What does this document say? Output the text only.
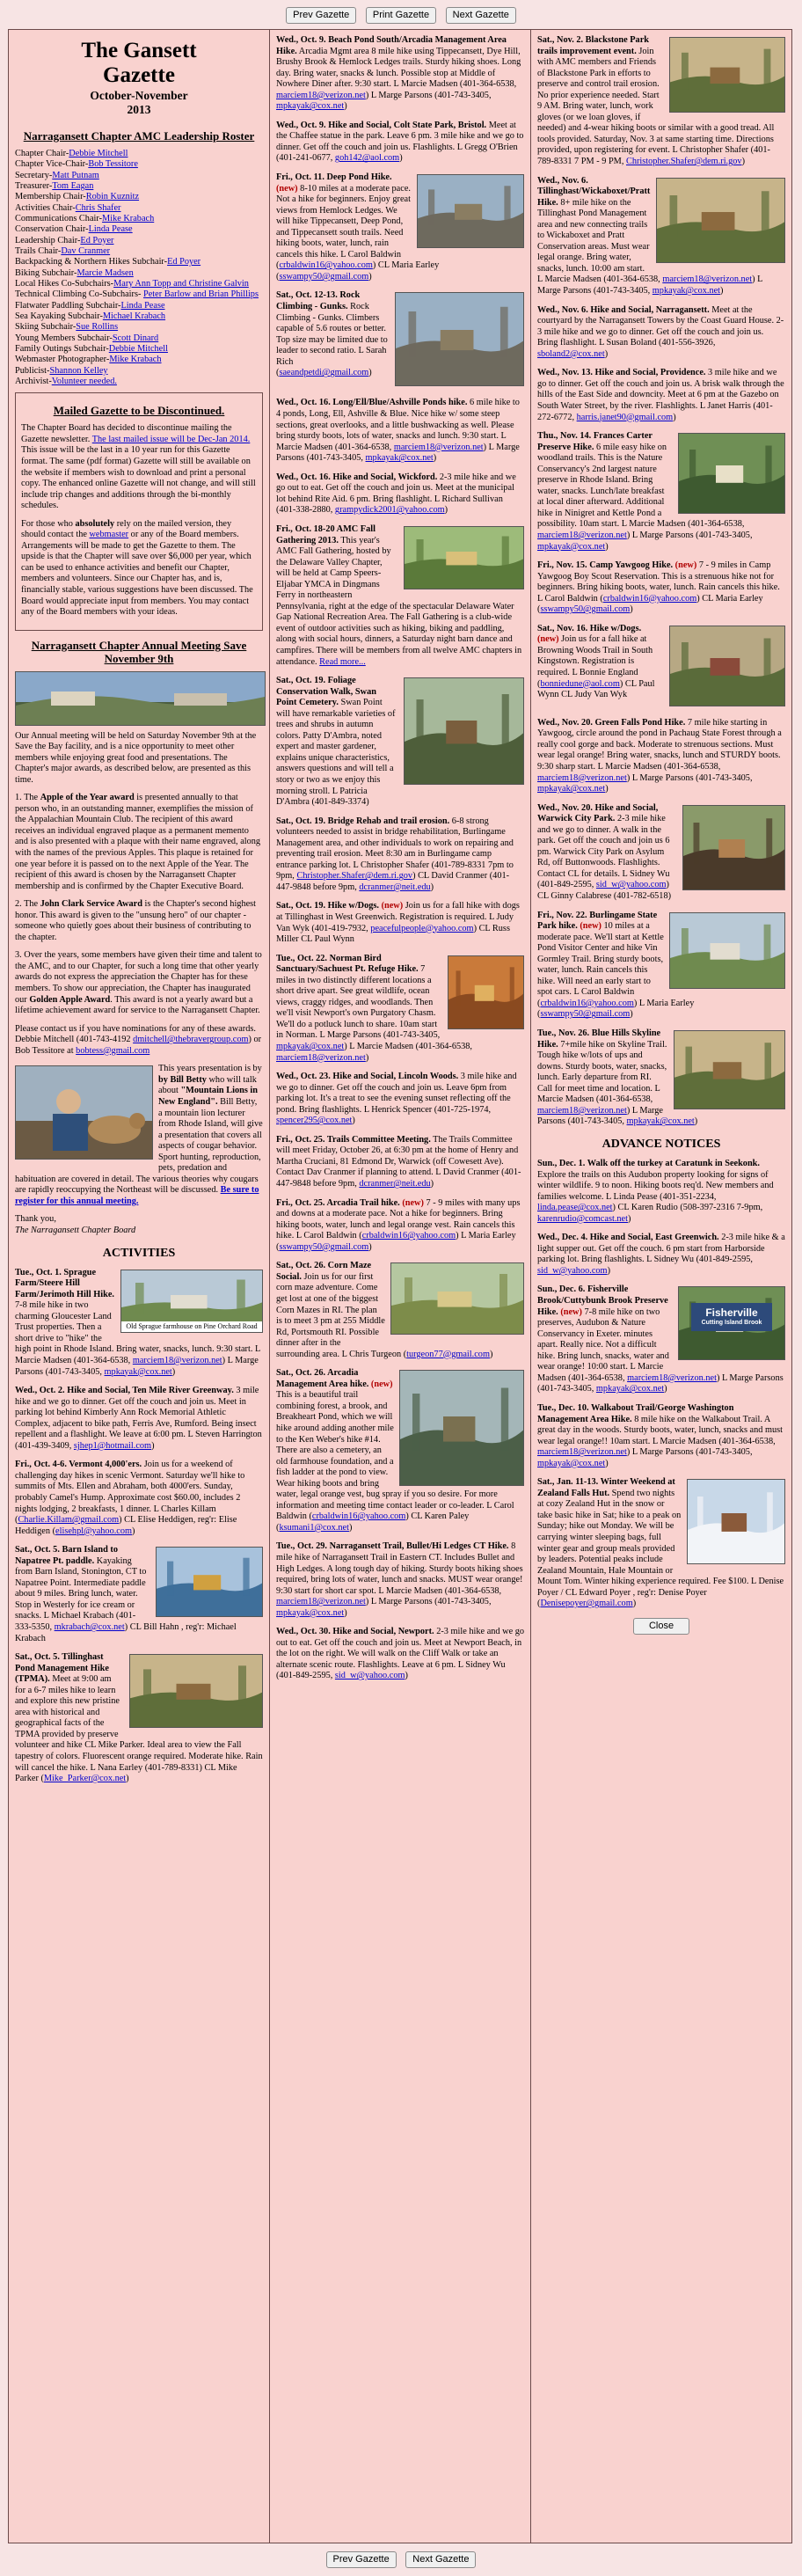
Prev Gazette Print Gazette Next Gazette
The Gansett
Gazette
October-November
2013
Narragansett Chapter AMC Leadership Roster
Chapter Chair-Debbie Mitchell
Chapter Vice-Chair-Bob Tessitore
Secretary-Matt Putnam
Treasurer-Tom Eagan
Membership Chair-Robin Kuznitz
Activities Chair-Chris Shafer
Communications Chair-Mike Krabach
Conservation Chair-Linda Pease
Leadership Chair-Ed Poyer
Trails Chair-Dav Cranmer
Backpacking & Northern Hikes Subchair-Ed Poyer
Biking Subchair-Marcie Madsen
Local Hikes Co-Subchairs-Mary Ann Topp and Christine Galvin
Technical Climbing Co-Subchairs- Peter Barlow and Brian Phillips
Flatwater Paddling Subchair-Linda Pease
Sea Kayaking Subchair-Michael Krabach
Skiing Subchair-Sue Rollins
Young Members Subchair-Scott Dinard
Family Outings Subchair-Debbie Mitchell
Webmaster Photographer-Mike Krabach
Publicist-Shannon Kelley
Archivist-Volunteer needed.
Mailed Gazette to be Discontinued.

The Chapter Board has decided to discontinue mailing the Gazette newsletter. The last mailed issue will be Dec-Jan 2014. This issue will be the last in a 10 year run for this Gazette format. The same (pdf format) Gazette will still be available on the website if members wish to download and print a personal copy. The enhanced online Gazette will not change, and will still include trip changes and additions through the bi-monthly schedules.

For those who absolutely rely on the mailed version, they should contact the webmaster or any of the Board members. Arrangements will be made to get the Gazette to them. The upside is that the Chapter will save over $6,000 per year, which can be used to enhance activities and benefit our Chapter, members and volunteers. Since our Chapter has, and is, financially stable, various suggestions have been discussed. The Board would appreciate input from members. You may contact any of the Board members with your ideas.

Narragansett Chapter Annual Meeting Save November 9th

Our Annual meeting will be held on Saturday November 9th at the Save the Bay facility, and is a nice opportunity to meet other members while enjoying great food and presentations. The Chapter's major awards, as described below, are presented as this time.

1. The Apple of the Year award is presented annually to that person who, in an outstanding manner, exemplifies the mission of the Appalachian Mountain Club. The recipient of this award receives an individual engraved plaque as a permanent memento and is also presented with a plaque with their name engraved, along with the names of the previous Apples. This plaque is retained for one year before it is passed on to the next Apple of the Year. The recipient of this award is chosen by the Narragansett Chapter membership and is confirmed by the Chapter Executive Board.

2. The John Clark Service Award is the Chapter's second highest honor. This award is given to the "unsung hero" of our chapter - someone who quietly goes about their business of contributing to the chapter.

3. Over the years, some members have given their time and talent to the AMC, and to our Chapter, for such a long time that other yearly awards do not express the appreciation the Chapter has for these members. To show our appreciation, the Chapter has inaugurated our Golden Apple Award. This award is not a yearly award but a lifetime achievement award for service to the Narragansett Chapter.

Please contact us if you have nominations for any of these awards. Debbie Mitchell (401-743-4192 dmitchell@thebravergroup.com) or Bob Tessitore at bobtess@gmail.com

This years presentation is by by Bill Betty who will talk about "Mountain Lions in New England". Bill Betty, a mountain lion lecturer from Rhode Island, will give a presentation that covers all aspects of cougar behavior. Sport hunting, reproduction, pets, predation and habituation are covered in detail. The various theories why cougars are rapidly reoccupying the Northeast will be discussed. Be sure to register for this annual meeting.

Thank you,
The Narragansett Chapter Board

ACTIVITIES
Old Sprague farmhouse on Pine Orchard Road
Tue., Oct. 1. Sprague Farm/Steere Hill Farm/Jerimoth Hill Hike. 7-8 mile hike in two charming Gloucester Land Trust properties. Then a short drive to "hike" the high point in Rhode Island. Bring water, snacks, lunch. 9:30 start. L Marcie Madsen (401-364-6538, marciem18@verizon.net) L Marge Parsons (401-743-3405, mpkayak@cox.net)
Wed., Oct. 2. Hike and Social, Ten Mile River Greenway. 3 mile hike and we go to dinner. Get off the couch and join us. Meet in parking lot behind Kimberly Ann Rock Memorial Athletic Complex, adjacent to bike path, Ferris Ave, Rumford. Being insect repellent and a flashlight. We leave at 6:00 pm. L Steven Harrington (401-439-3409, sjhep1@hotmail.com)
Fri., Oct. 4-6. Vermont 4,000'ers. Join us for a weekend of challenging day hikes in scenic Vermont. Saturday we'll hike to summits of Mts. Ellen and Abraham, both 4000'ers. Sunday, probably Camel's Hump. Approximate cost $60.00, includes 2 nights lodging, 2 breakfasts, 1 dinner. L Charles Killam (Charlie.Killam@gmail.com) CL Elise Heddigen, reg'r: Elise Heddigen (elisehpl@yahoo.com)
Sat., Oct. 5. Barn Island to Napatree Pt. paddle. Kayaking from Barn Island, Stonington, CT to Napatree Point. Intermediate paddle about 9 miles. Bring lunch, water. Stop in Westerly for ice cream or snacks. L Michael Krabach (401-333-5350, mkrabach@cox.net) CL Bill Hahn , reg'r: Michael Krabach
Sat., Oct. 5. Tillinghast Pond Management Hike (TPMA). Meet at 9:00 am for a 6-7 miles hike to learn and explore this new pristine area with historical and geographical facts of the TPMA provided by preserve volunteer and hike CL Mike Parker. Ideal area to view the Fall tapestry of colors. Fluorescent orange required. Moderate hike. Rain will cancel the hike. L Nana Earley (401-789-8331) CL Mike Parker (Mike_Parker@cox.net)
Wed., Oct. 9. Beach Pond South/Arcadia Management Area Hike. Arcadia Mgmt area 8 mile hike using Tippecansett, Dye Hill, Brushy Brook & Hemlock Ledges trails. Sturdy hiking shoes. Long day. Bring water, snacks & lunch. Possible stop at Middle of Nowhere Diner after. 9:30 start. L Marcie Madsen (401-364-6538, marciem18@verizon.net) L Marge Parsons (401-743-3405, mpkayak@cox.net)
Wed., Oct. 9. Hike and Social, Colt State Park, Bristol. Meet at the Chaffee statue in the park. Leave 6 pm. 3 mile hike and we go to dinner. Get off the couch and join us. Flashlights. L Gregg O'Brien (401-241-0677, goh142@aol.com)
Fri., Oct. 11. Deep Pond Hike. (new) 8-10 miles at a moderate pace. Not a hike for beginners. Enjoy great views from Hemlock Ledges. We will hike Tippecansett, Deep Pond, and Tippecansett south trails. Need hiking boots, water, lunch, rain cancels this hike. L Carol Baldwin (crbaldwin16@yahoo.com) CL Maria Earley (sswampy50@gmail.com)
Sat., Oct. 12-13. Rock Climbing - Gunks. Rock Climbing - Gunks. Climbers capable of 5.6 routes or better. Top size may be limited due to leader to second ratio. L Sarah Rich (saeandpetdi@gmail.com)
Wed., Oct. 16. Long/Ell/Blue/Ashville Ponds hike. 6 mile hike to 4 ponds, Long, Ell, Ashville & Blue. Nice hike w/ some steep sections, great overlooks, and a little bushwacking as well. Please bring sturdy boots, lots of water, snacks and lunch. 9:30 start. L Marcie Madsen (401-364-6538, marciem18@verizon.net) L Marge Parsons (401-743-3405, mpkayak@cox.net)
Wed., Oct. 16. Hike and Social, Wickford. 2-3 mile hike and we go out to eat. Get off the couch and join us. Meet at the municipal lot behind Rite Aid. 6 pm. Bring flashlight. L Richard Sullivan (401-338-2880, grampydick2001@yahoo.com)
Fri., Oct. 18-20 AMC Fall Gathering 2013. This year's AMC Fall Gathering, hosted by the Delaware Valley Chapter, will be held at Camp Speers-Eljabar YMCA in Dingmans Ferry in northeastern Pennsylvania, right at the edge of the spectacular Delaware Water Gap National Recreation Area. The Fall Gathering is a club-wide event of outdoor activities such as hiking, biking and paddling, along with social hours, dinners, a Saturday night barn dance and campfires. There will be members from all twelve AMC chapters in attendance. Read more...
Sat., Oct. 19. Foliage Conservation Walk, Swan Point Cemetery. Swan Point will have remarkable varieties of trees and shrubs in autumn colors. Patty D'Ambra, noted expert and master gardener, explains unique characteristics, answers questions and will tell a story or two as we enjoy this morning stroll. L Patricia D'Ambra (401-849-3374)
Sat., Oct. 19. Bridge Rehab and trail erosion. 6-8 strong volunteers needed to assist in bridge rehabilitation, Burlingame Management area, and other individuals to work on repairing and preventing trail erosion. Meet 8:30 am in Burlingame camp entrance parking lot. L Christopher Shafer (401-789-8331 7pm to 9pm, Christopher.Shafer@dem.ri.gov) CL David Cranmer (401-447-9848 before 9pm, dcranmer@neit.edu)
Sat., Oct. 19. Hike w/Dogs. (new) Join us for a fall hike with dogs at Tillinghast in West Greenwich. Registration is required. L Judy Van Wyk (401-419-7932, peacefulpeople@yahoo.com) CL Russ Miller CL Paul Wynn
Tue., Oct. 22. Norman Bird Sanctuary/Sachuest Pt. Refuge Hike. 7 miles in two distinctly different locations a short drive apart. See great wildlife, ocean views, craggy ridges, and woodlands. Then we'll visit Newport's own Purgatory Chasm. We'll do a potluck lunch to share. 10am start in Norman. L Marge Parsons (401-743-3405, mpkayak@cox.net) L Marcie Madsen (401-364-6538, marciem18@verizon.net)
Wed., Oct. 23. Hike and Social, Lincoln Woods. 3 mile hike and we go to dinner. Get off the couch and join us. Leave 6pm from parking lot. It's a treat to see the evening sunset reflecting off the pond. Bring flashlights. L Henrick Spencer (401-725-1974, spencer295@cox.net)
Fri., Oct. 25. Trails Committee Meeting. The Trails Committee will meet Friday, October 26, at 6:30 pm at the home of Henry and Martha Cruciani, 81 Edmond Dr, Warwick (off Cowesett Ave). Contact Dav Cranmer if planning to attend. L David Cranmer (401-447-9848 before 9pm, dcranmer@neit.edu)
Fri., Oct. 25. Arcadia Trail hike. (new) 7 - 9 miles with many ups and downs at a moderate pace. Not a hike for beginners. Bring hiking boots, water, lunch and legal orange vest. Rain cancels this hike. L Carol Baldwin (crbaldwin16@yahoo.com) L Maria Earley (sswampy50@gmail.com)
Sat., Oct. 26. Corn Maze Social. Join us for our first corn maze adventure. Come get lost at one of the biggest Corn Mazes in RI. The plan is to meet 3 pm at 255 Middle Rd, Portsmouth RI. Possible dinner after in the surrounding area. L Chris Turgeon (turgeon77@gmail.com)
Sat., Oct. 26. Arcadia Management Area hike. (new) This is a beautiful trail combining forest, a brook, and Breakheart Pond, which we will hike around adding another mile to the Ken Weber's hike #14. There are also a cemetery, an old farmhouse foundation, and a fish ladder at the pond to view. Wear hiking boots and bring water, legal orange vest, bug spray if you so desire. For more information and meeting time contact leader or co-leader. L Carol Baldwin (crbaldwin16@yahoo.com) CL Karen Paley (ksumani1@cox.net)
Tue., Oct. 29. Narragansett Trail, Bullet/Hi Ledges CT Hike. 8 mile hike of Narragansett Trail in Eastern CT. Includes Bullet and High Ledges. A long tough day of hiking. Sturdy boots hiking shoes required, bring lots of water, lunch and snacks. MUST wear orange! 9:30 start for short car spot. L Marcie Madsen (401-364-6538, marciem18@verizon.net) L Marge Parsons (401-743-3405, mpkayak@cox.net)
Wed., Oct. 30. Hike and Social, Newport. 2-3 mile hike and we go out to eat. Get off the couch and join us. Meet at Newport Beach, in the lot on the right. We will walk on the Cliff Walk or take an alternate scenic route. Flashlights. Leave at 6 pm. L Sidney Wu (401-849-2595, sid_w@yahoo.com)
Sat., Nov. 2. Blackstone Park trails improvement event. Join with AMC members and Friends of Blackstone Park in efforts to preserve and control trail erosion. No prior experience needed. Start 9 AM. Bring water, lunch, work gloves (or we loan gloves, if needed) and 4-wear hiking boots or similar with a good tread. All tools provided. Saturday, Nov. 3 at same starting time. Directions provided, upon registering for event. L Christopher Shafer (401-789-8331 7 PM - 9 PM, Christopher.Shafer@dem.ri.gov)
Wed., Nov. 6. Tillinghast/Wickaboxet/Pratt Hike. 8+ mile hike on the Tillinghast Pond Management area and new connecting trails to Wickaboxet and Pratt Conservation areas. Must wear legal orange. Bring water, snacks, lunch. 10:00 am start. L Marcie Madsen (401-364-6538, marciem18@verizon.net) L Marge Parsons (401-743-3405, mpkayak@cox.net)
Wed., Nov. 6. Hike and Social, Narragansett. Meet at the courtyard by the Narragansett Towers by the Coast Guard House. 2-3 mile hike and we go to dinner. Get off the couch and join us. Bring flashlight. L Susan Boland (401-556-3926, sboland2@cox.net)
Wed., Nov. 13. Hike and Social, Providence. 3 mile hike and we go to dinner. Get off the couch and join us. A brisk walk through the hills of the East Side and downcity. Meet at 6 pm at the Gazebo on South Water Street, by the river. Flashlights. L Janet Harris (401-272-6772, harris.janet90@gmail.com)
Thu., Nov. 14. Frances Carter Preserve Hike. 6 mile easy hike on woodland trails. This is the Nature Conservancy's 2nd largest nature preserve in Rhode Island. Bring water, snacks. Lunch/late breakfast at local diner afterward. Additional hike in Ninigret and Kettle Pond a possibility. 10am start. L Marcie Madsen (401-364-6538, marciem18@verizon.net) L Marge Parsons (401-743-3405, mpkayak@cox.net)
Fri., Nov. 15. Camp Yawgoog Hike. (new) 7 - 9 miles in Camp Yawgoog Boy Scout Reservation. This is a strenuous hike not for beginners. Bring hiking boots, water, lunch. Rain cancels this hike. L Carol Baldwin (crbaldwin16@yahoo.com) CL Maria Earley (sswampy50@gmail.com)
Sat., Nov. 16. Hike w/Dogs. (new) Join us for a fall hike at Browning Woods Trail in South Kingstown. Registration is required. L Bonnie England (bonniedune@aol.com) CL Paul Wynn CL Judy Van Wyk
Wed., Nov. 20. Green Falls Pond Hike. 7 mile hike starting in Yawgoog, circle around the pond in Pachaug State Forest through a really cool gorge and back. Moderate to strenuous sections. Must wear legal orange! Bring water, snacks, lunch and STURDY boots. 9:30 sharp start. L Marcie Madsen (401-364-6538, marciem18@verizon.net) L Marge Parsons (401-743-3405, mpkayak@cox.net)
Wed., Nov. 20. Hike and Social, Warwick City Park. 2-3 mile hike and we go to dinner. A walk in the park. Get off the couch and join us 6 pm. Warwick City Park on Asylum Rd, off Buttonwoods. Flashlights. Contact CL for details. L Sidney Wu (401-849-2595, sid_w@yahoo.com) CL Ginny Calabrese (401-782-6518)
Fri., Nov. 22. Burlingame State Park hike. (new) 10 miles at a moderate pace. We'll start at Kettle Pond Visitor Center and hike Vin Gormley Trail. Bring sturdy boots, water, lunch. Rain cancels this hike. Will need an early start to spot cars. L Carol Baldwin (crbaldwin16@yahoo.com) L Maria Earley (sswampy50@gmail.com)
Tue., Nov. 26. Blue Hills Skyline Hike. 7+mile hike on Skyline Trail. Tough hike w/lots of ups and downs. Sturdy boots, water, snacks, lunch. Early departure from RI. Call for meet time and location. L Marcie Madsen (401-364-6538, marciem18@verizon.net) L Marge Parsons (401-743-3405, mpkayak@cox.net)
ADVANCE NOTICES
Sun., Dec. 1. Walk off the turkey at Caratunk in Seekonk. Explore the trails on this Audubon property looking for signs of winter wildlife. 9 to noon. Hiking boots req'd. New members and families welcome. L Linda Pease (401-351-2234, linda.pease@cox.net) CL Karen Rudio (508-397-2316 7-9pm, karenrudio@comcast.net)
Wed., Dec. 4. Hike and Social, East Greenwich. 2-3 mile hike & a light supper out. Get off the couch. 6 pm start from Harborside parking lot. Bring flashlights. L Sidney Wu (401-849-2595, sid_w@yahoo.com)
Fisherville
Cutting Island Brook
Sun., Dec. 6. Fisherville Brook/Cuttybunk Brook Preserve Hike. (new) 7-8 mile hike on two preserves, Audubon & Nature Conservancy in Exeter. minutes apart. Really nice. Not a difficult hike. Bring lunch, snacks, water and wear orange! 10:00 start. L Marcie Madsen (401-364-6538, marciem18@verizon.net) L Marge Parsons (401-743-3405, mpkayak@cox.net)
Tue., Dec. 10. Walkabout Trail/George Washington Management Area Hike. 8 mile hike on the Walkabout Trail. A great day in the woods. Sturdy boots, water, lunch, snacks and must wear legal orange!! 10am start. L Marcie Madsen (401-364-6538, marciem18@verizon.net) L Marge Parsons (401-743-3405, mpkayak@cox.net)
Sat., Jan. 11-13. Winter Weekend at Zealand Falls Hut. Spend two nights at cozy Zealand Hut in the snow or take basic hike in Sat; hike to a peak on Sunday; hike out Monday. We will be carrying winter sleeping bags, full winter gear and group meals provided by leaders. Potential peaks include Zealand Mountain, Hale Mountain or Mount Tom. Winter hiking experience required. Fee $100. L Denise Poyer / CL Edward Poyer , reg'r: Denise Poyer (Denisepoyer@gmail.com)
Close
Prev Gazette Next Gazette
